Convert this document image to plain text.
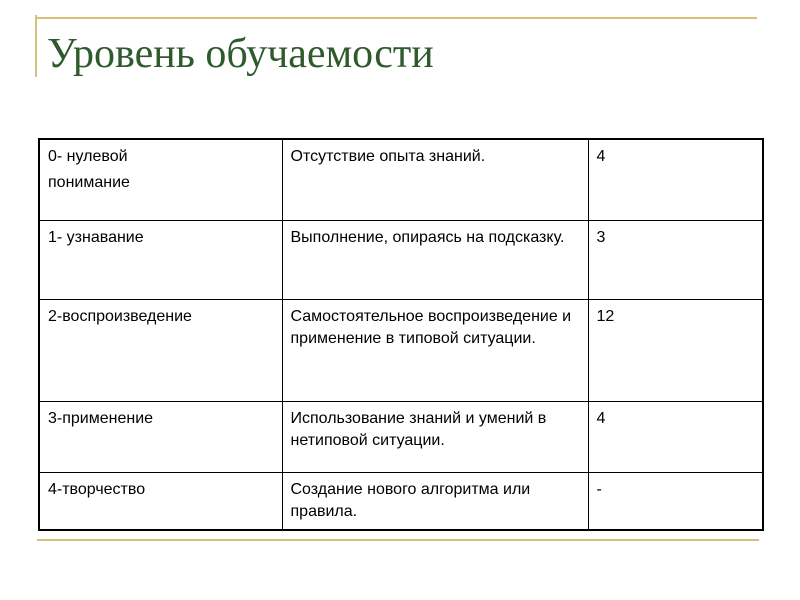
Уровень обучаемости
0- нулевой
понимание	Отсутствие опыта знаний.	4
1- узнавание	Выполнение, опираясь на подсказку.	3
2-воспроизведение	Самостоятельное воспроизведение и применение в типовой ситуации.	12
3-применение	Использование знаний и умений в нетиповой ситуации.	4
4-творчество	Создание нового алгоритма или правила.	-
